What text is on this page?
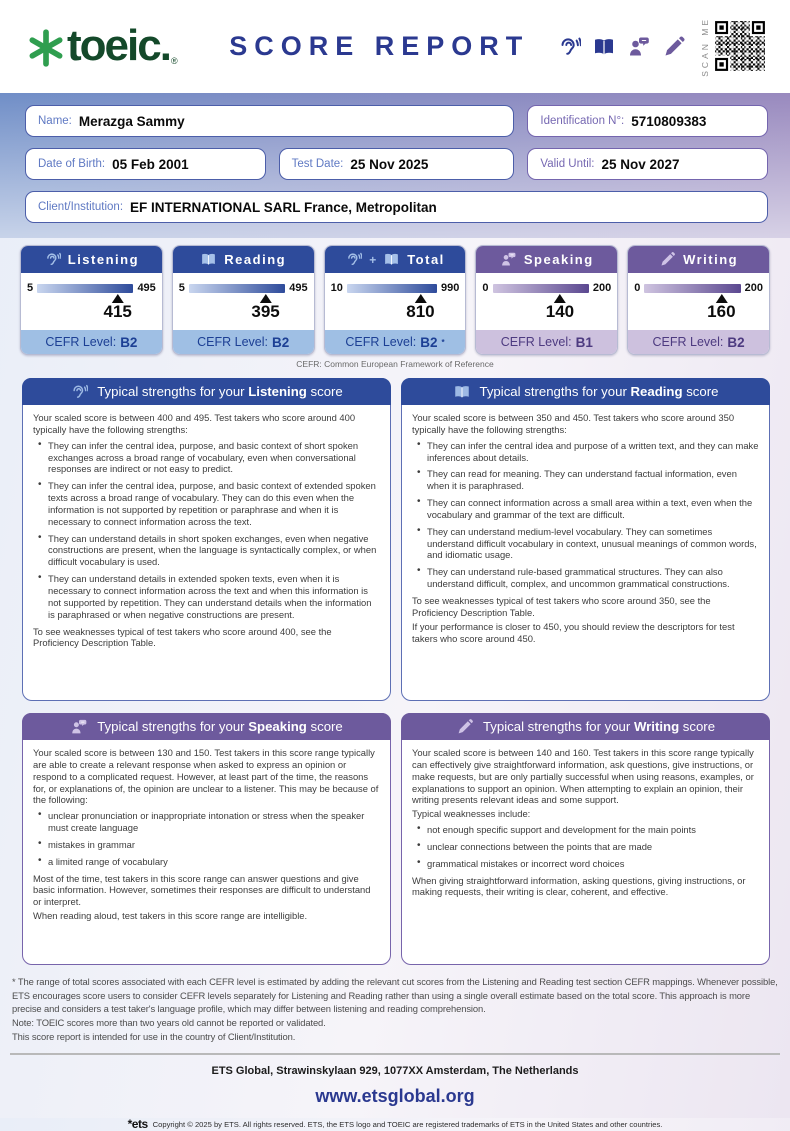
toeic. ® SCORE REPORT	SCAN ME
Name: Merazga Sammy	Identification N°: 5710809383
Date of Birth: 05 Feb 2001	Test Date: 25 Nov 2025	Valid Until: 25 Nov 2027
Client/Institution: EF INTERNATIONAL SARL France, Metropolitan
Listening
5
415
495
CEFR Level: B2
Reading
5
395
495
CEFR Level: B2
+ Total
10
810
990
CEFR Level: B2 *
Speaking
0
140
200
CEFR Level: B1
Writing
0
160
200
CEFR Level: B2
CEFR: Common European Framework of Reference
Typical strengths for your Listening score

Your scaled score is between 400 and 495. Test takers who score around 400 typically have the following strengths:

• They can infer the central idea, purpose, and basic context of short spoken exchanges across a broad range of vocabulary, even when conversational responses are indirect or not easy to predict.
• They can infer the central idea, purpose, and basic context of extended spoken texts across a broad range of vocabulary. They can do this even when the information is not supported by repetition or paraphrase and when it is necessary to connect information across the text.
• They can understand details in short spoken exchanges, even when negative constructions are present, when the language is syntactically complex, or when difficult vocabulary is used.
• They can understand details in extended spoken texts, even when it is necessary to connect information across the text and when this information is not supported by repetition. They can understand details when the information is paraphrased or when negative constructions are present.

To see weaknesses typical of test takers who score around 400, see the Proficiency Description Table.

Typical strengths for your Reading score

Your scaled score is between 350 and 450. Test takers who score around 350 typically have the following strengths:

• They can infer the central idea and purpose of a written text, and they can make inferences about details.
• They can read for meaning. They can understand factual information, even when it is paraphrased.
• They can connect information across a small area within a text, even when the vocabulary and grammar of the text are difficult.
• They can understand medium-level vocabulary. They can sometimes understand difficult vocabulary in context, unusual meanings of common words, and idiomatic usage.
• They can understand rule-based grammatical structures. They can also understand difficult, complex, and uncommon grammatical constructions.

To see weaknesses typical of test takers who score around 350, see the Proficiency Description Table.

If your performance is closer to 450, you should review the descriptors for test takers who score around 450.

Typical strengths for your Speaking score

Your scaled score is between 130 and 150. Test takers in this score range typically are able to create a relevant response when asked to express an opinion or respond to a complicated request. However, at least part of the time, the reasons for, or explanations of, the opinion are unclear to a listener. This may be because of the following:

• unclear pronunciation or inappropriate intonation or stress when the speaker must create language
• mistakes in grammar
• a limited range of vocabulary

Most of the time, test takers in this score range can answer questions and give basic information. However, sometimes their responses are difficult to understand or interpret.

When reading aloud, test takers in this score range are intelligible.

Typical strengths for your Writing score

Your scaled score is between 140 and 160. Test takers in this score range typically can effectively give straightforward information, ask questions, give instructions, or make requests, but are only partially successful when using reasons, examples, or explanations to support an opinion. When attempting to explain an opinion, their writing presents relevant ideas and some support.

Typical weaknesses include:

• not enough specific support and development for the main points
• unclear connections between the points that are made
• grammatical mistakes or incorrect word choices

When giving straightforward information, asking questions, giving instructions, or making requests, their writing is clear, coherent, and effective.

* The range of total scores associated with each CEFR level is estimated by adding the relevant cut scores from the Listening and Reading test section CEFR mappings. Whenever possible, ETS encourages score users to consider CEFR levels separately for Listening and Reading rather than using a single overall estimate based on the total score. This approach is more precise and considers a test taker's language profile, which may differ between listening and reading comprehension.

Note: TOEIC scores more than two years old cannot be reported or validated.

This score report is intended for use in the country of Client/Institution.

ETS Global, Strawinskylaan 929, 1077XX Amsterdam, The Netherlands
www.etsglobal.org
*ets Copyright © 2025 by ETS. All rights reserved. ETS, the ETS logo and TOEIC are registered trademarks of ETS in the United States and other countries.
